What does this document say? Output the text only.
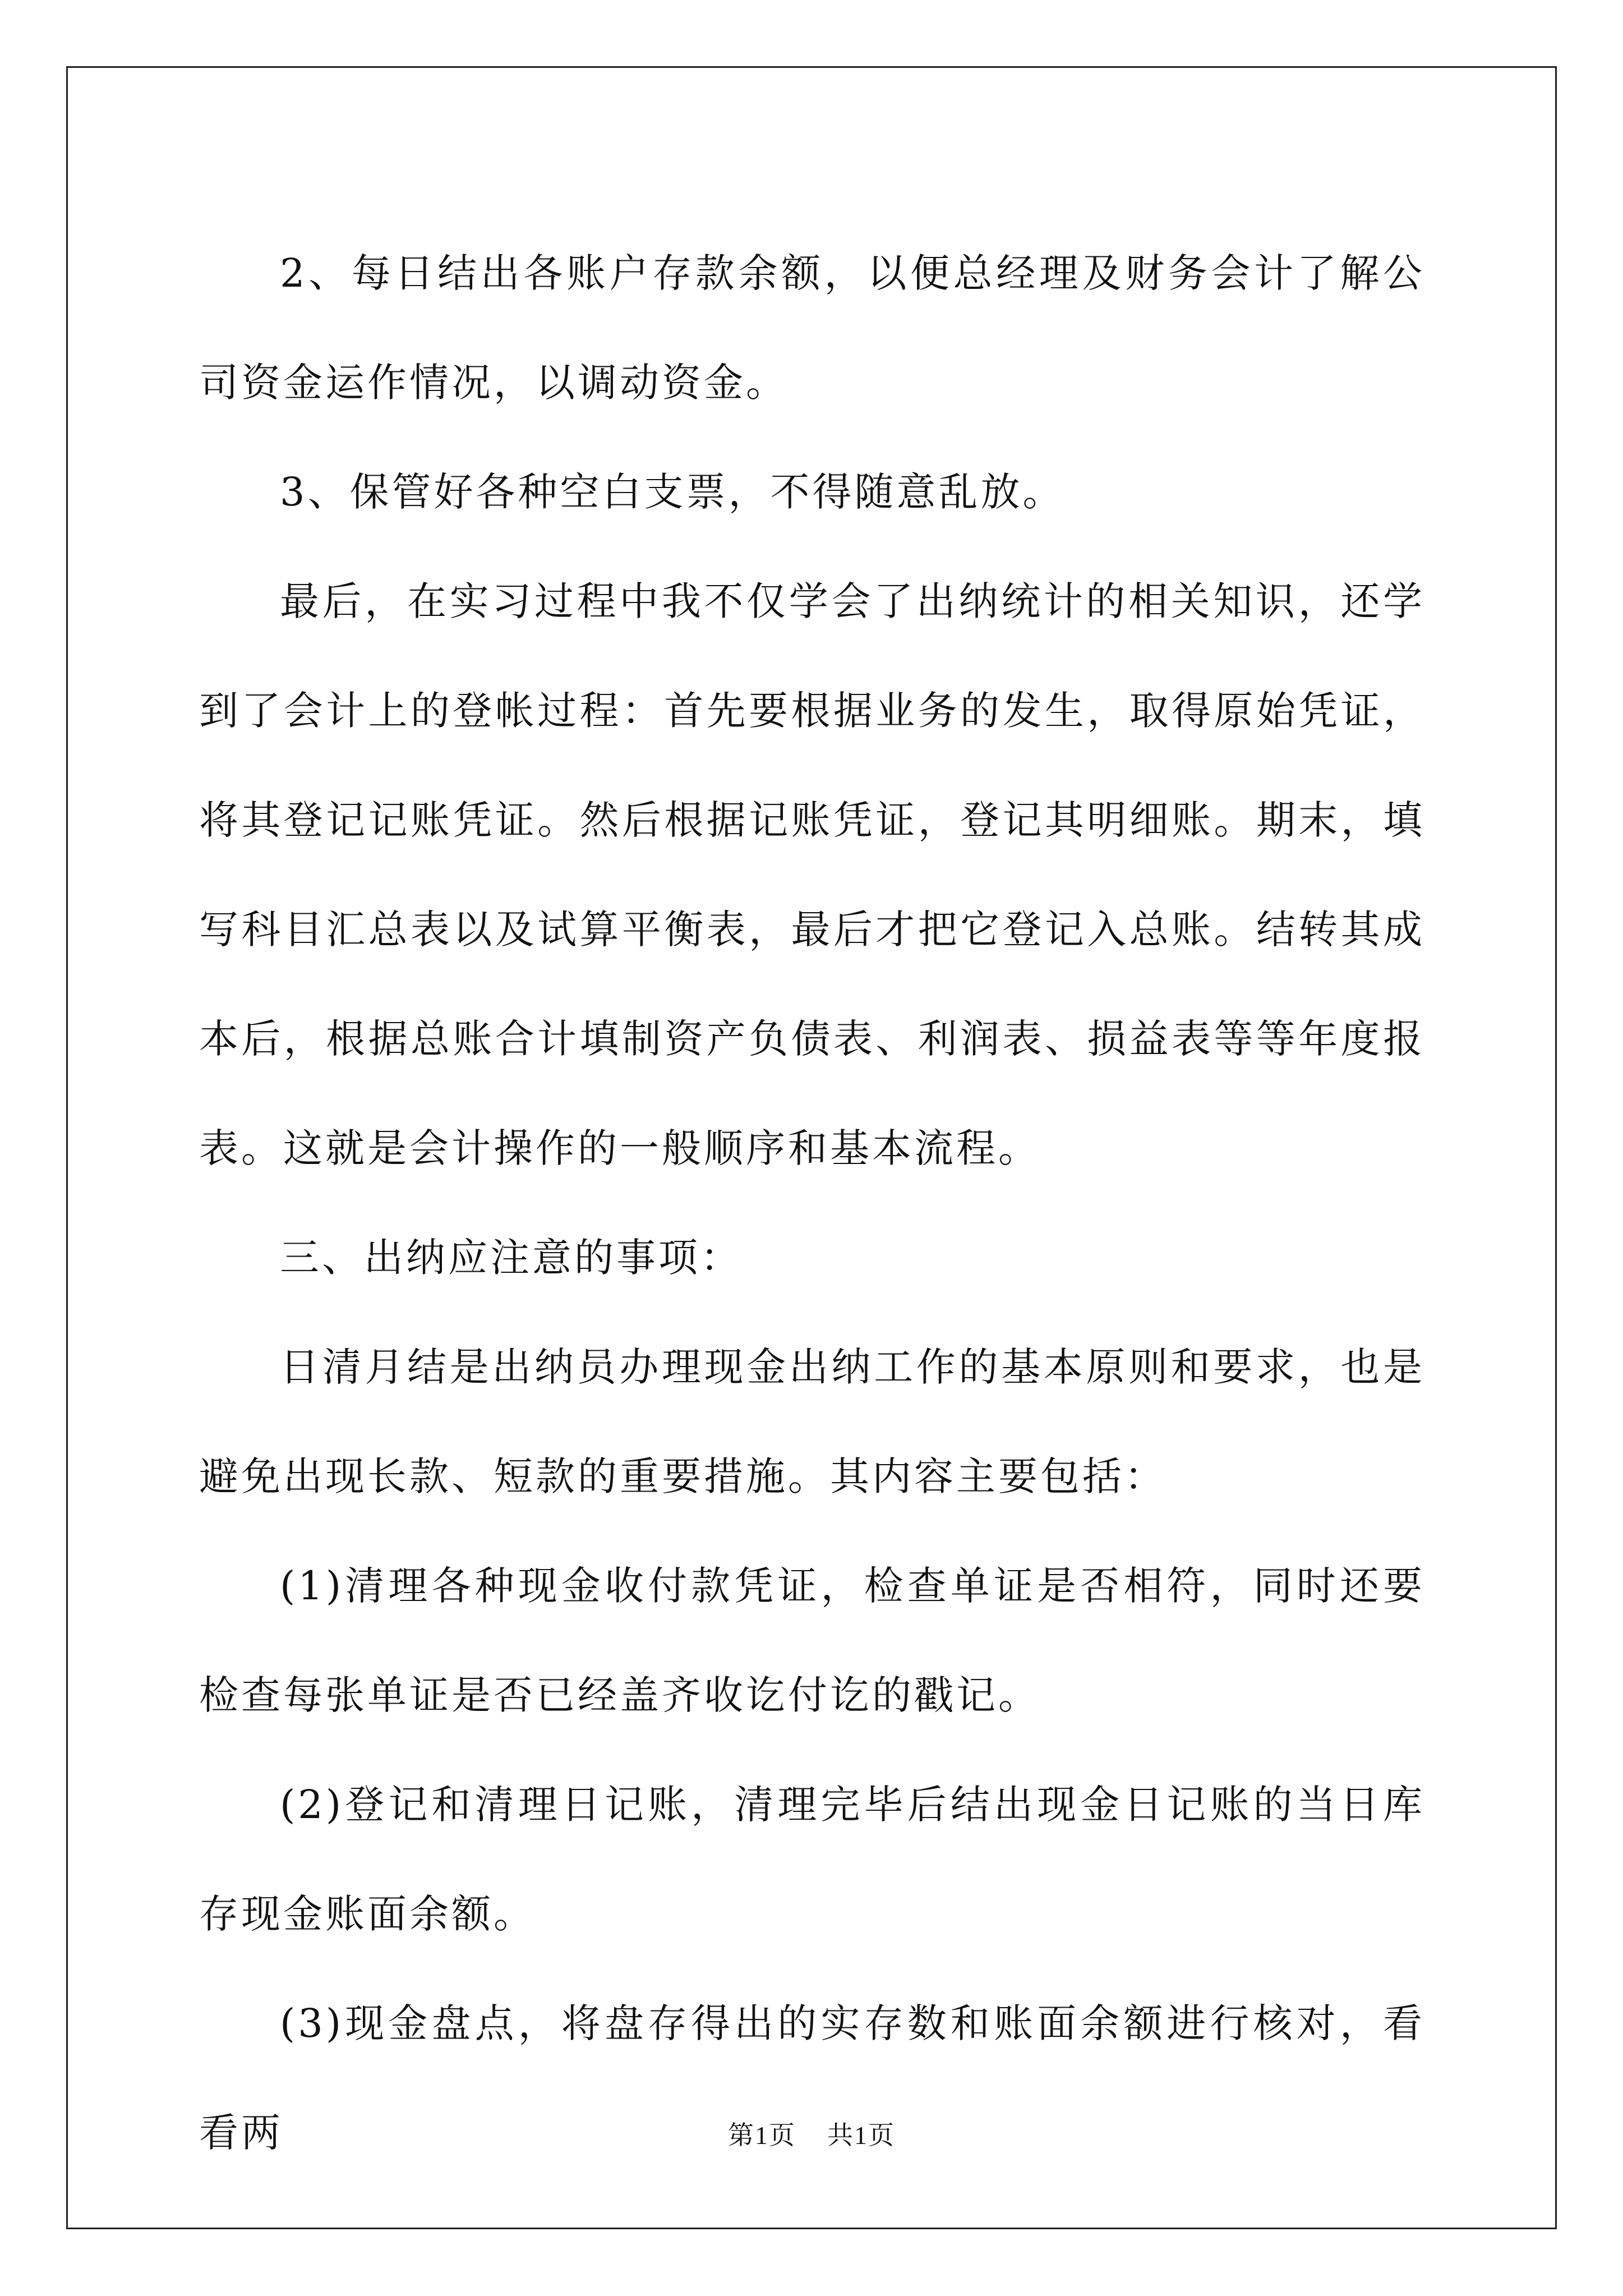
2、每日结出各账户存款余额，以便总经理及财务会计了解公司资金运作情况，以调动资金。

3、保管好各种空白支票，不得随意乱放。

最后，在实习过程中我不仅学会了出纳统计的相关知识，还学到了会计上的登帐过程：首先要根据业务的发生，取得原始凭证，将其登记记账凭证。然后根据记账凭证，登记其明细账。期末，填写科目汇总表以及试算平衡表，最后才把它登记入总账。结转其成本后，根据总账合计填制资产负债表、利润表、损益表等等年度报表。这就是会计操作的一般顺序和基本流程。

三、出纳应注意的事项：

日清月结是出纳员办理现金出纳工作的基本原则和要求，也是避免出现长款、短款的重要措施。其内容主要包括：

(1)清理各种现金收付款凭证，检查单证是否相符，同时还要检查每张单证是否已经盖齐收讫付讫的戳记。

(2)登记和清理日记账，清理完毕后结出现金日记账的当日库存现金账面余额。

(3)现金盘点，将盘存得出的实存数和账面余额进行核对，看看两	第1页 共1页
